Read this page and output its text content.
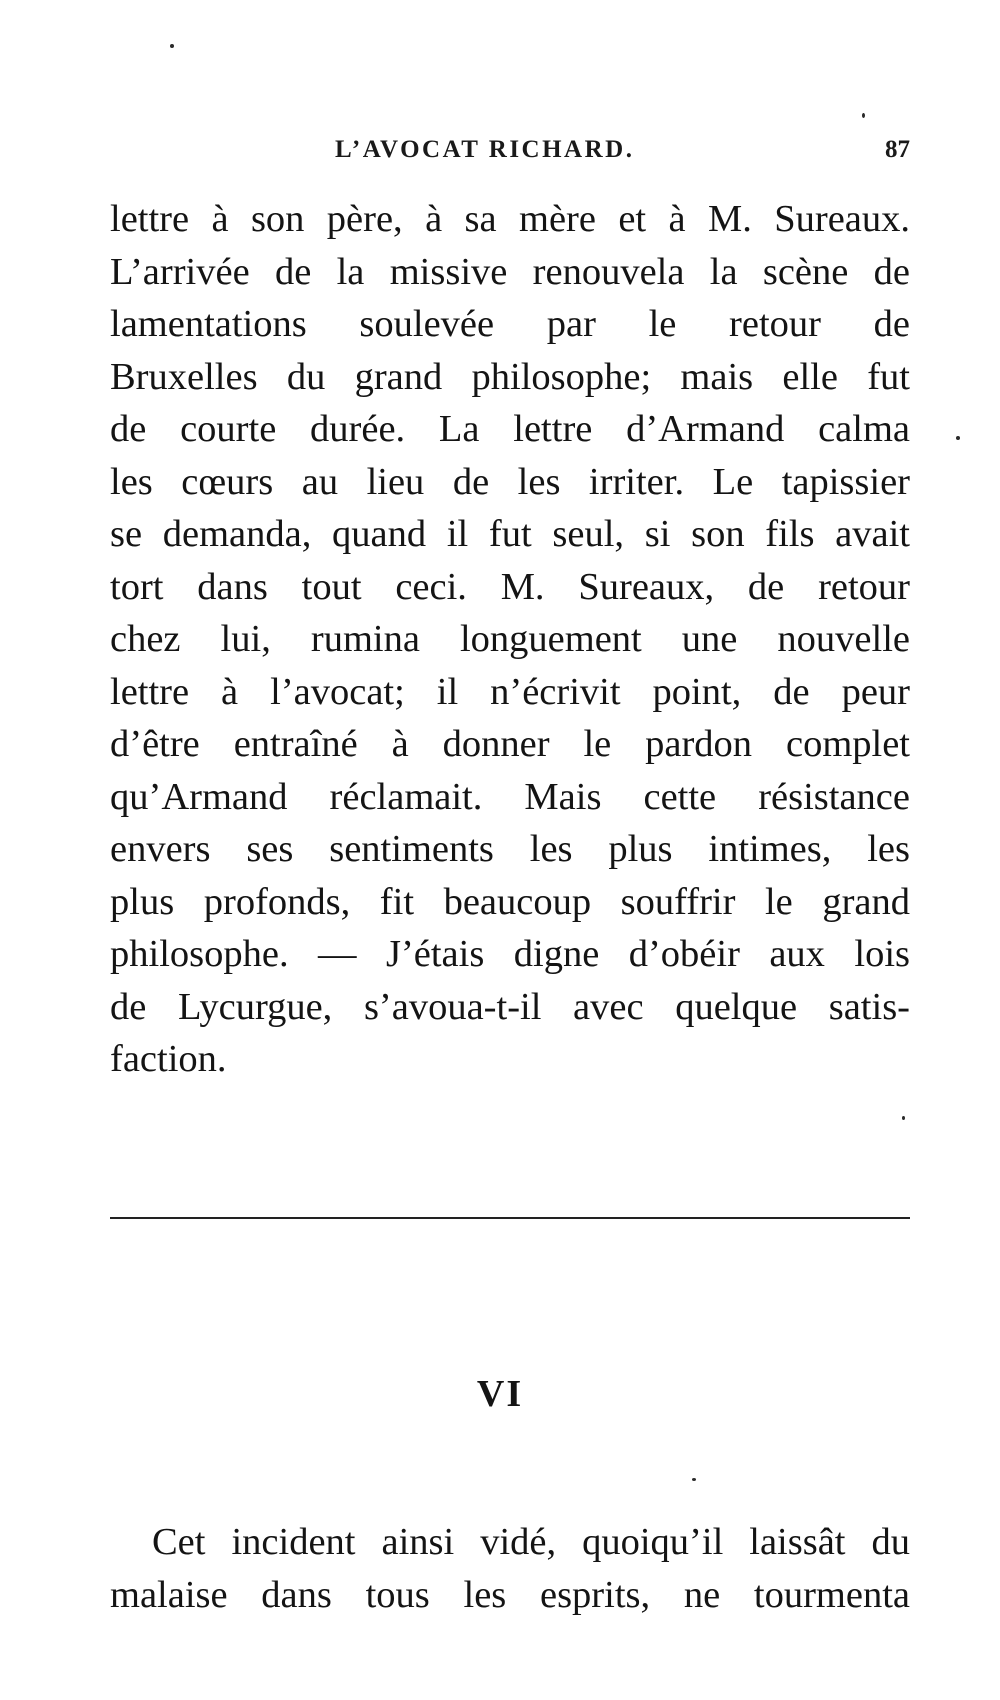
L’AVOCAT RICHARD.	87
lettre à son père, à sa mère et à M. Sureaux.
L’arrivée de la missive renouvela la scène de
lamentations soulevée par le retour de
Bruxelles du grand philosophe; mais elle fut
de courte durée. La lettre d’Armand calma
les cœurs au lieu de les irriter. Le tapissier
se demanda, quand il fut seul, si son fils avait
tort dans tout ceci. M. Sureaux, de retour
chez lui, rumina longuement une nouvelle
lettre à l’avocat; il n’écrivit point, de peur
d’être entraîné à donner le pardon complet
qu’Armand réclamait. Mais cette résistance
envers ses sentiments les plus intimes, les
plus profonds, fit beaucoup souffrir le grand
philosophe. — J’étais digne d’obéir aux lois
de Lycurgue, s’avoua-t-il avec quelque satis-
faction.
VI
Cet incident ainsi vidé, quoiqu’il laissât du
malaise dans tous les esprits, ne tourmenta
